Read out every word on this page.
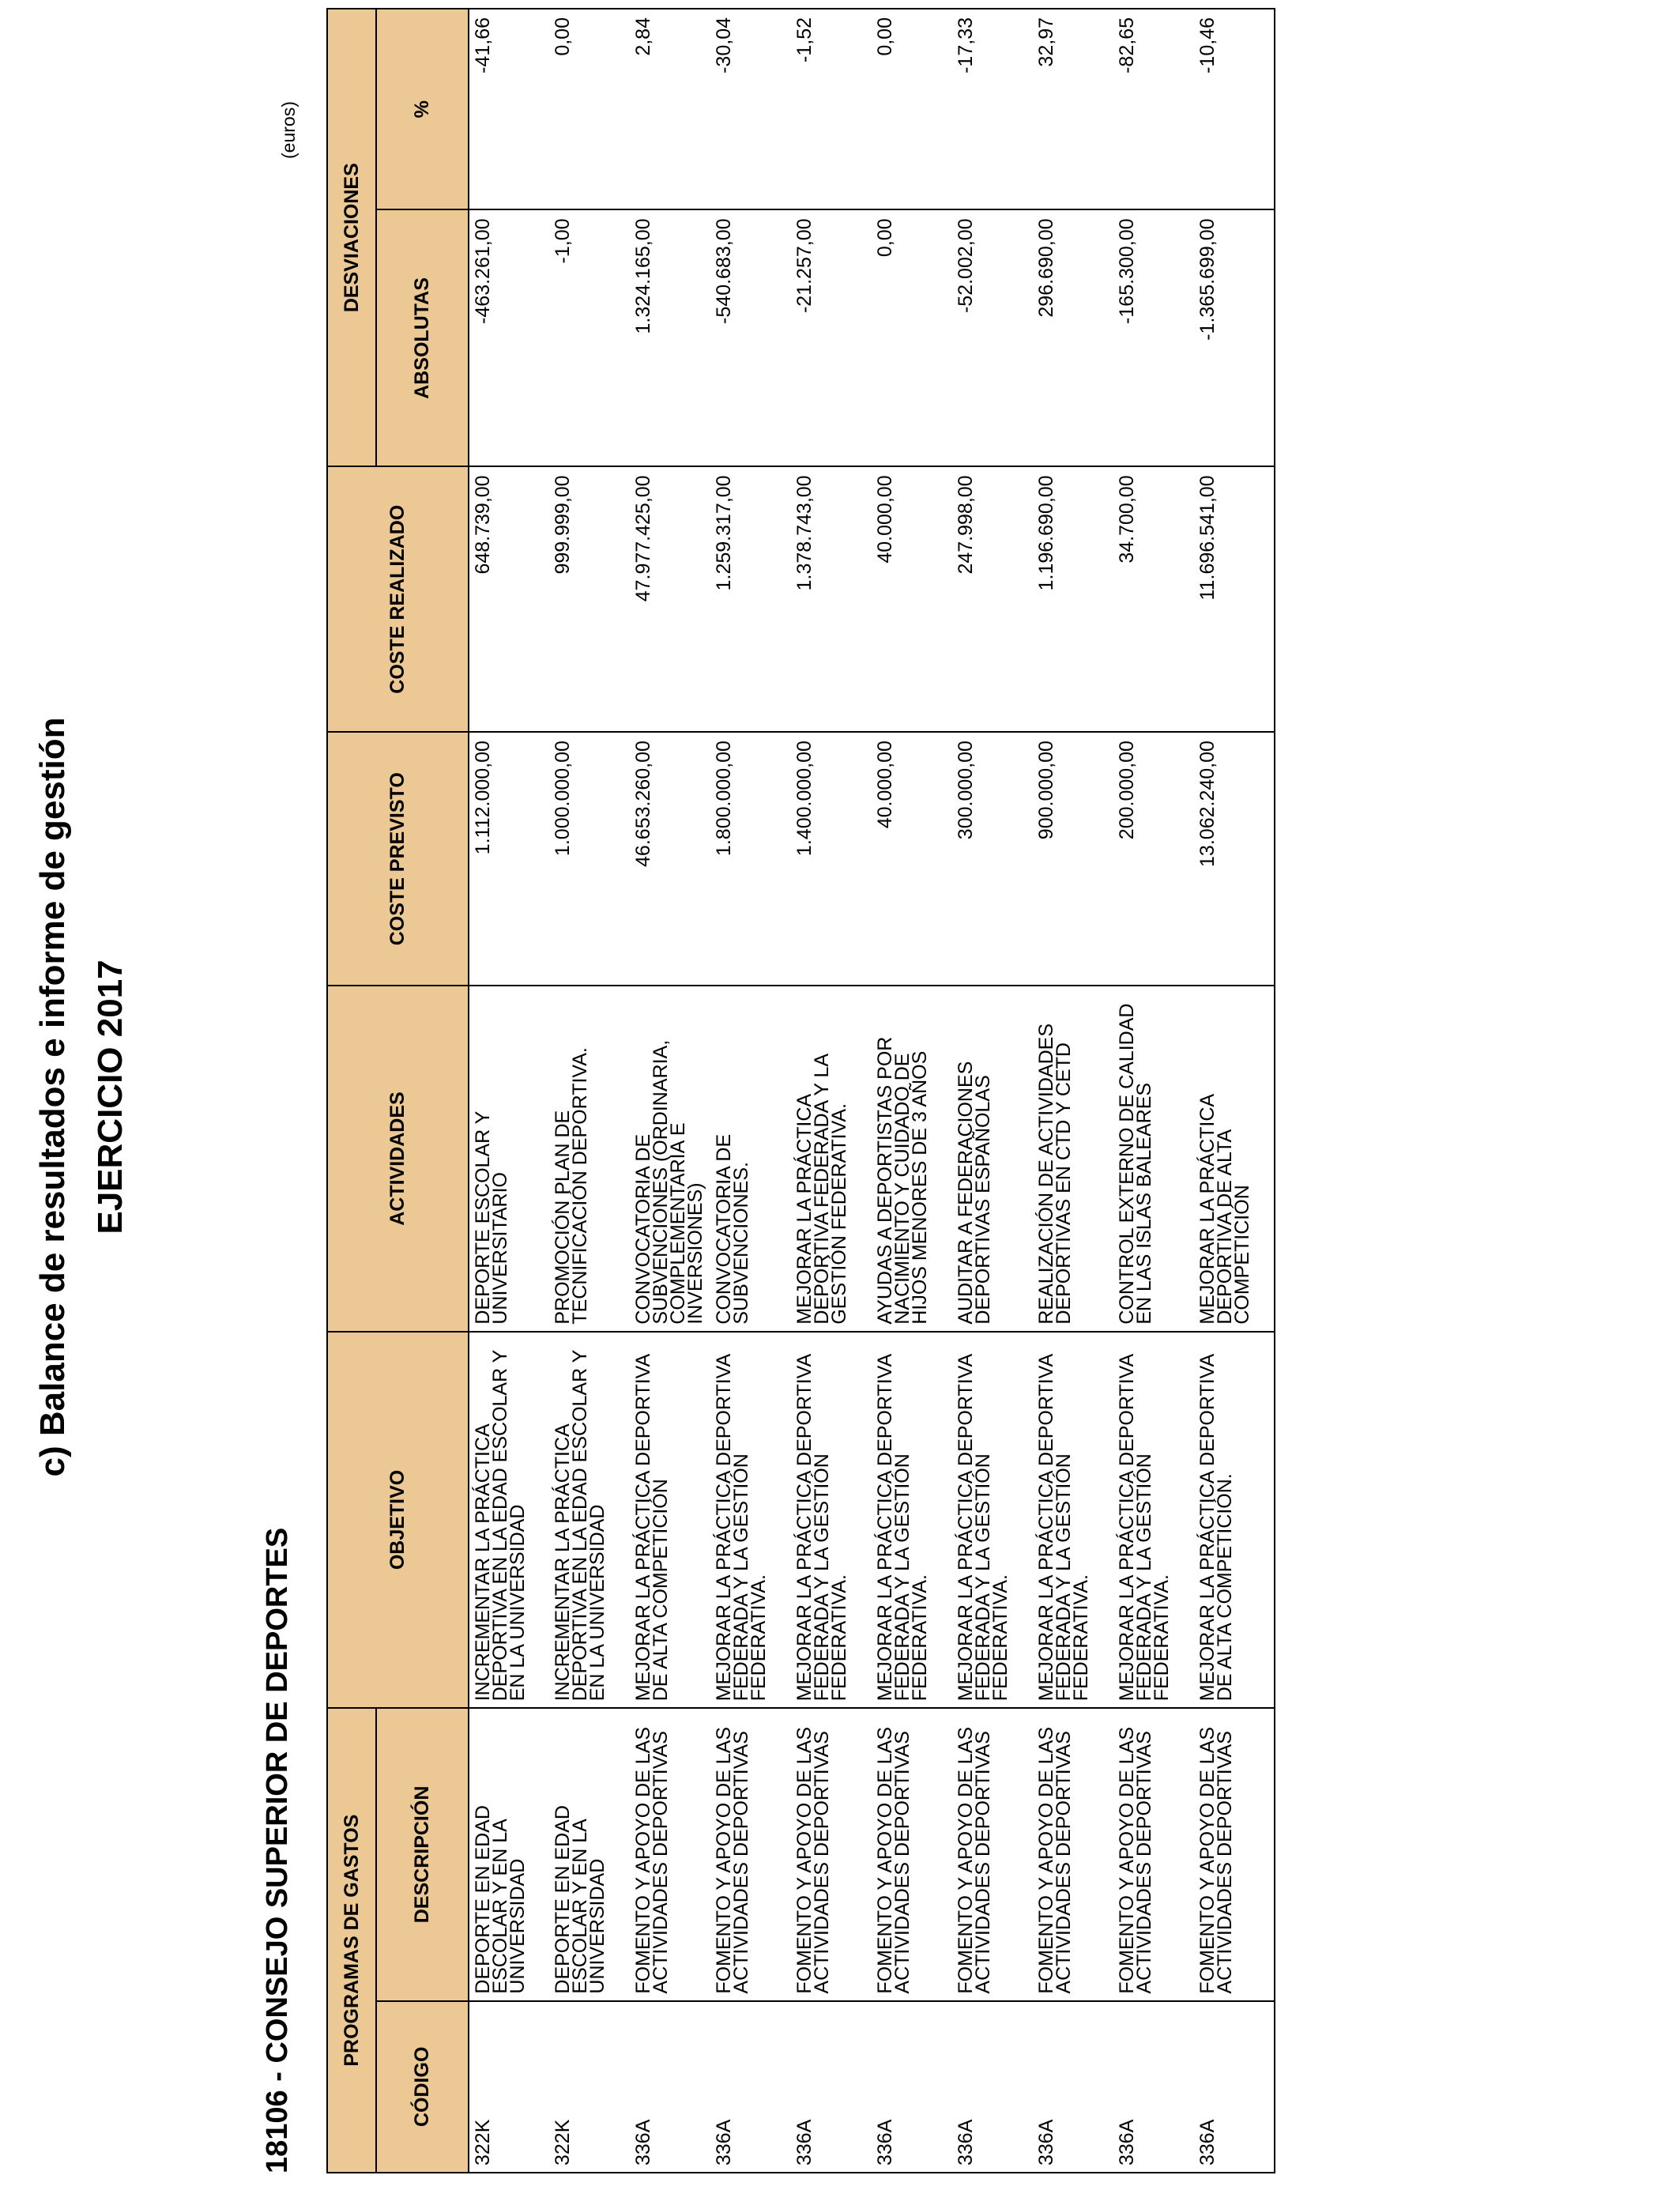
c) Balance de resultados e informe de gestión EJERCICIO 2017
18106 - CONSEJO SUPERIOR DE DEPORTES
(euros)
PROGRAMAS DE GASTOS		OBJETIVO	ACTIVIDADES	COSTE PREVISTO	COSTE REALIZADO	DESVIACIONES	
CÓDIGO	DESCRIPCIÓN					ABSOLUTAS	%
322K	DEPORTE EN EDAD ESCOLAR Y EN LA UNIVERSIDAD	INCREMENTAR LA PRÁCTICA DEPORTIVA EN LA EDAD ESCOLAR Y EN LA UNIVERSIDAD	DEPORTE ESCOLAR Y UNIVERSITARIO	1.112.000,00	648.739,00	-463.261,00	-41,66
322K	DEPORTE EN EDAD ESCOLAR Y EN LA UNIVERSIDAD	INCREMENTAR LA PRÁCTICA DEPORTIVA EN LA EDAD ESCOLAR Y EN LA UNIVERSIDAD	PROMOCIÓN PLAN DE TECNIFICACIÓN DEPORTIVA.	1.000.000,00	999.999,00	-1,00	0,00
336A	FOMENTO Y APOYO DE LAS ACTIVIDADES DEPORTIVAS	MEJORAR LA PRÁCTICA DEPORTIVA DE ALTA COMPETICIÓN	CONVOCATORIA DE SUBVENCIONES (ORDINARIA, COMPLEMENTARIA E INVERSIONES)	46.653.260,00	47.977.425,00	1.324.165,00	2,84
336A	FOMENTO Y APOYO DE LAS ACTIVIDADES DEPORTIVAS	MEJORAR LA PRÁCTICA DEPORTIVA FEDERADA Y LA GESTIÓN FEDERATIVA.	CONVOCATORIA DE SUBVENCIONES.	1.800.000,00	1.259.317,00	-540.683,00	-30,04
336A	FOMENTO Y APOYO DE LAS ACTIVIDADES DEPORTIVAS	MEJORAR LA PRÁCTICA DEPORTIVA FEDERADA Y LA GESTIÓN FEDERATIVA.	MEJORAR LA PRÁCTICA DEPORTIVA FEDERADA Y LA GESTIÓN FEDERATIVA.	1.400.000,00	1.378.743,00	-21.257,00	-1,52
336A	FOMENTO Y APOYO DE LAS ACTIVIDADES DEPORTIVAS	MEJORAR LA PRÁCTICA DEPORTIVA FEDERADA Y LA GESTIÓN FEDERATIVA.	AYUDAS A DEPORTISTAS POR NACIMIENTO Y CUIDADO DE HIJOS MENORES DE 3 AÑOS	40.000,00	40.000,00	0,00	0,00
336A	FOMENTO Y APOYO DE LAS ACTIVIDADES DEPORTIVAS	MEJORAR LA PRÁCTICA DEPORTIVA FEDERADA Y LA GESTIÓN FEDERATIVA.	AUDITAR A FEDERACIONES DEPORTIVAS ESPAÑOLAS	300.000,00	247.998,00	-52.002,00	-17,33
336A	FOMENTO Y APOYO DE LAS ACTIVIDADES DEPORTIVAS	MEJORAR LA PRÁCTICA DEPORTIVA FEDERADA Y LA GESTIÓN FEDERATIVA.	REALIZACIÓN DE ACTIVIDADES DEPORTIVAS EN CTD Y CETD	900.000,00	1.196.690,00	296.690,00	32,97
336A	FOMENTO Y APOYO DE LAS ACTIVIDADES DEPORTIVAS	MEJORAR LA PRÁCTICA DEPORTIVA FEDERADA Y LA GESTIÓN FEDERATIVA.	CONTROL EXTERNO DE CALIDAD EN LAS ISLAS BALEARES	200.000,00	34.700,00	-165.300,00	-82,65
336A	FOMENTO Y APOYO DE LAS ACTIVIDADES DEPORTIVAS	MEJORAR LA PRÁCTICA DEPORTIVA DE ALTA COMPETICIÓN.	MEJORAR LA PRÁCTICA DEPORTIVA DE ALTA COMPETICIÓN	13.062.240,00	11.696.541,00	-1.365.699,00	-10,46
